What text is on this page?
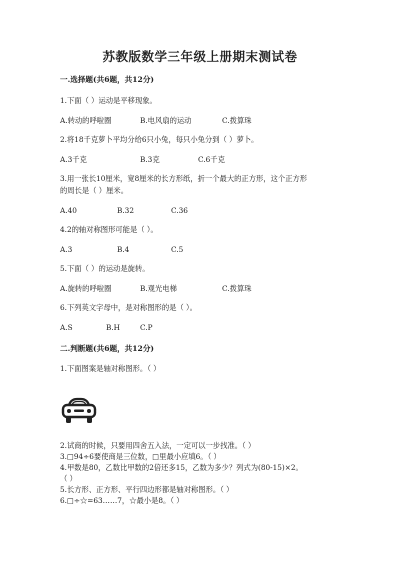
苏教版数学三年级上册期末测试卷
一.选择题(共6题，共12分)
1.下面（ ）运动是平移现象。
A.转动的呼啦圈	B.电风扇的运动	C.拨算珠
2.将18千克萝卜平均分给6只小兔，每只小兔分到（ ）萝卜。
A.3千克	B.3克	C.6千克
3.用一张长10厘米，宽8厘米的长方形纸，折一个最大的正方形，这个正方形
的周长是（ ）厘米。
A.40	B.32	C.36
4.2的轴对称图形可能是（ ）。
A.3	B.4	C.5
5.下面（ ）的运动是旋转。
A.旋转的呼啦圈	B.观光电梯	C.拨算珠
6.下列英文字母中，是对称图形的是（ ）。
A.S	B.H	C.P
二.判断题(共6题，共12分)
1.下面图案是轴对称图形。（ ）
2.试商的时候，只要用四舍五入法，一定可以一步找准。（ ）
3.□94÷6要使商是三位数，□里最小应填6。（ ）
4.甲数是80，乙数比甲数的2倍还多15，乙数为多少？列式为(80-15)×2。
（ ）
5.长方形、正方形、平行四边形都是轴对称图形。（ ）
6.□÷☆=63……7，☆最小是8。（ ）
